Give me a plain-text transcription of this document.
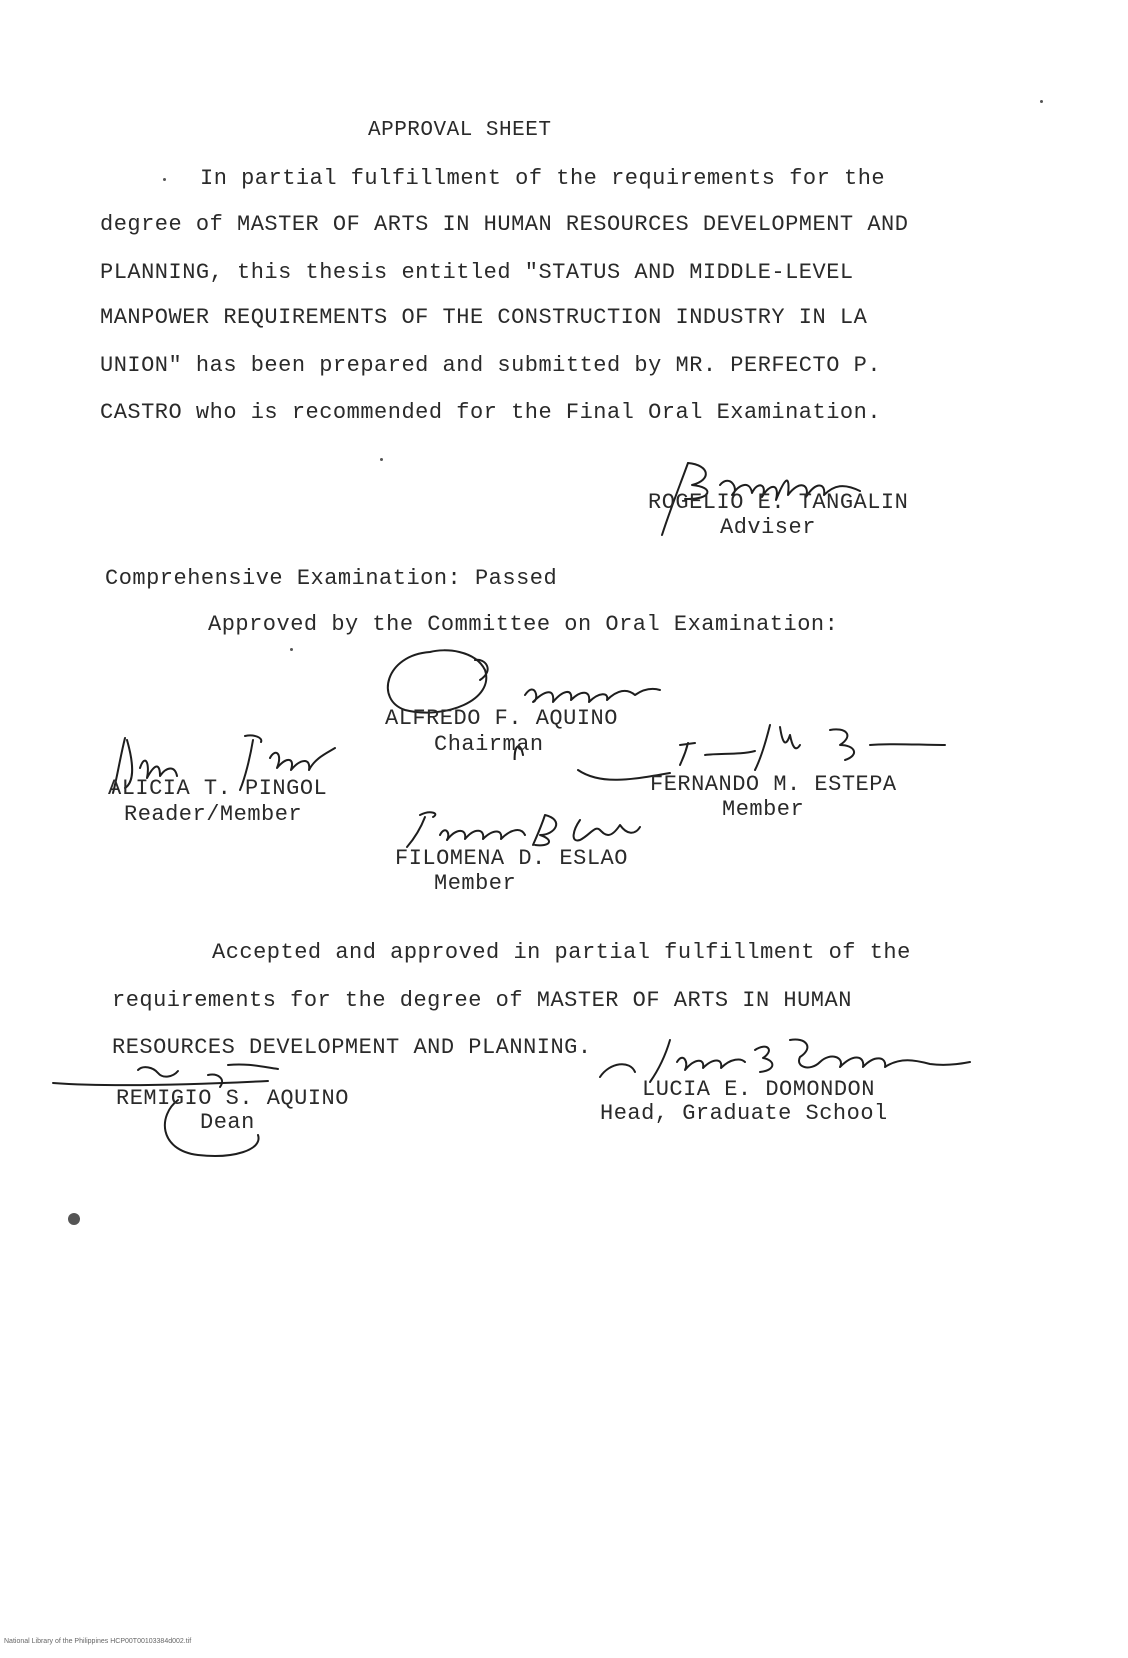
APPROVAL SHEET
In partial fulfillment of the requirements for the
degree of MASTER OF ARTS IN HUMAN RESOURCES DEVELOPMENT AND
PLANNING, this thesis entitled "STATUS AND MIDDLE-LEVEL
MANPOWER REQUIREMENTS OF THE CONSTRUCTION INDUSTRY IN LA
UNION" has been prepared and submitted by MR. PERFECTO P.
CASTRO who is recommended for the Final Oral Examination.
ROGELIO E. TANGALIN
Adviser
Comprehensive Examination: Passed
Approved by the Committee on Oral Examination:
ALFREDO F. AQUINO
Chairman
ALICIA T. PINGOL
Reader/Member
FERNANDO M. ESTEPA
Member
FILOMENA D. ESLAO
Member
Accepted and approved in partial fulfillment of the
requirements for the degree of MASTER OF ARTS IN HUMAN
RESOURCES DEVELOPMENT AND PLANNING.
REMIGIO S. AQUINO
Dean
LUCIA E. DOMONDON
Head, Graduate School
National Library of the Philippines HCP00T00103384d002.tif
